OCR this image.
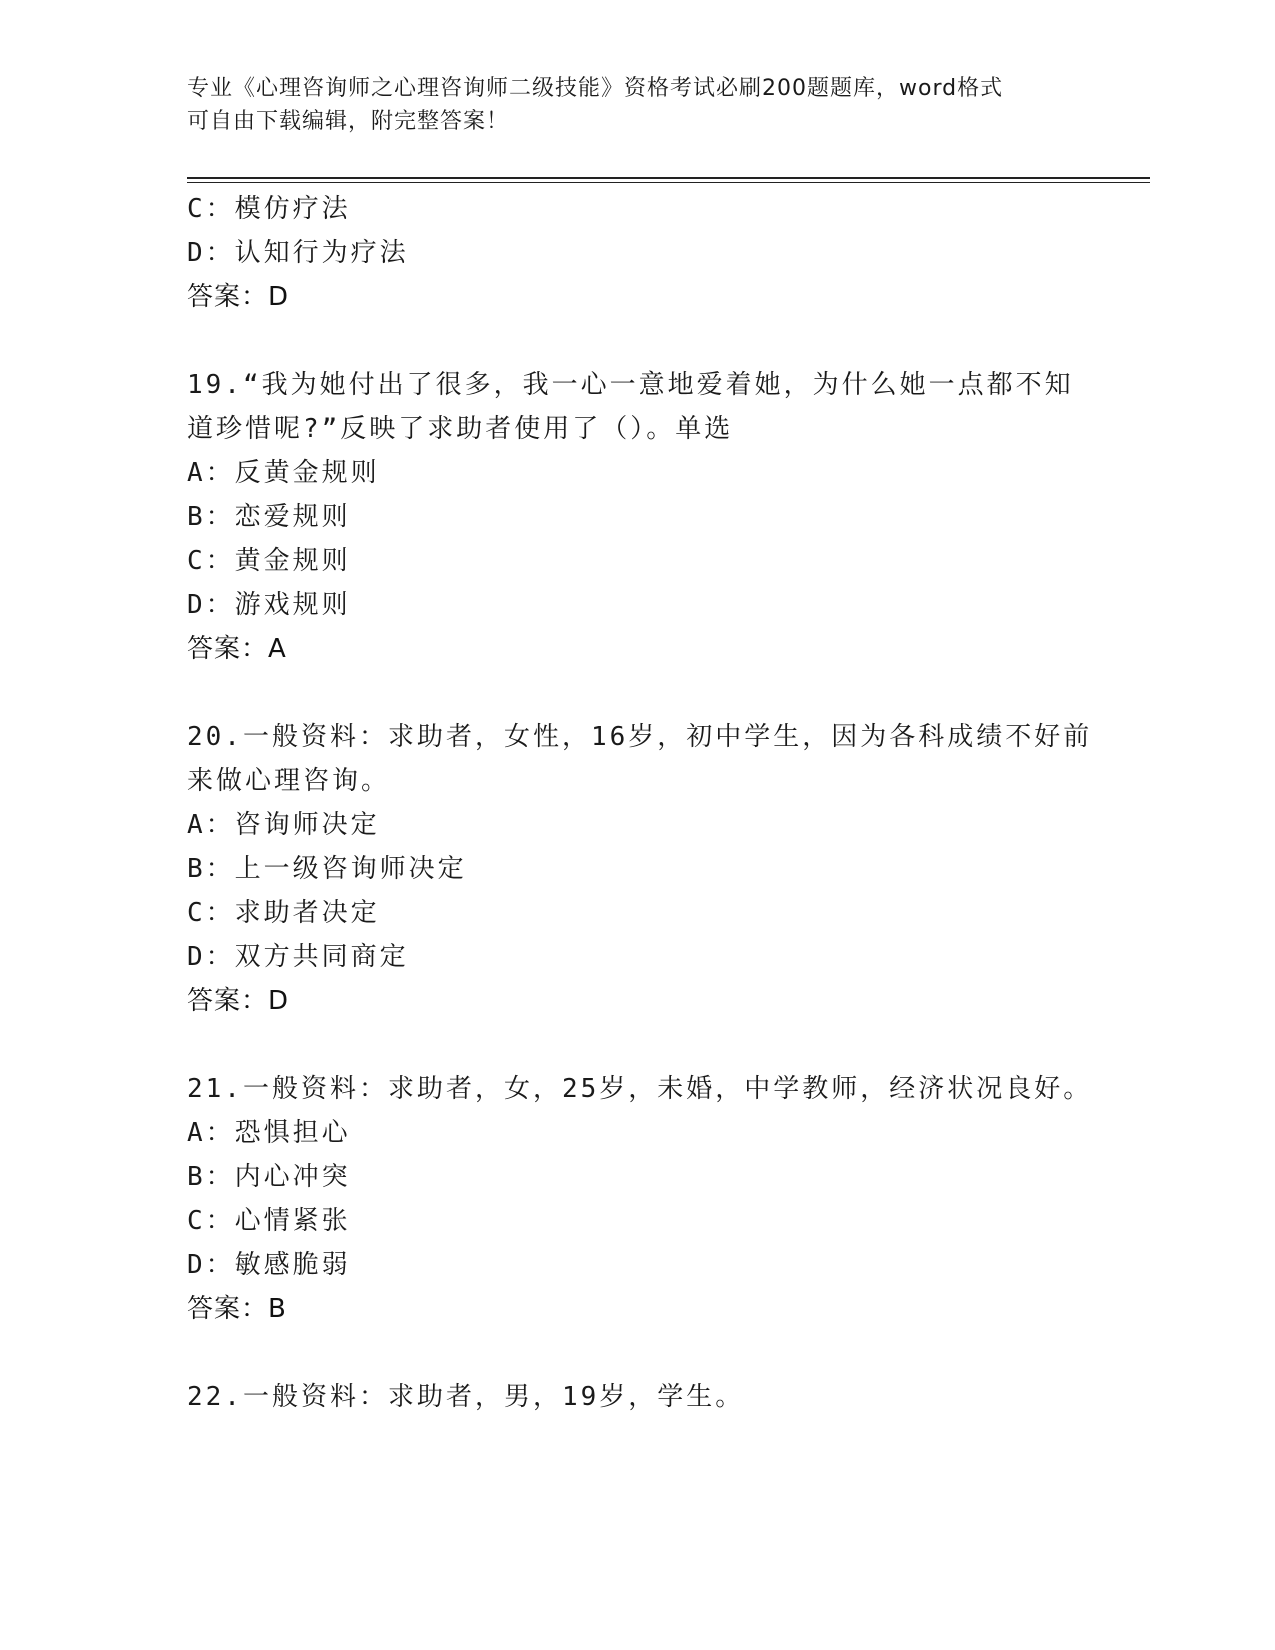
专业《心理咨询师之心理咨询师二级技能》资格考试必刷200题题库，word格式
可自由下载编辑，附完整答案！
C：模仿疗法
D：认知行为疗法
答案：D
19.“我为她付出了很多，我一心一意地爱着她，为什么她一点都不知
道珍惜呢?”反映了求助者使用了（）。单选
A：反黄金规则
B：恋爱规则
C：黄金规则
D：游戏规则
答案：A
20.一般资料：求助者，女性，16岁，初中学生，因为各科成绩不好前
来做心理咨询。
A：咨询师决定
B：上一级咨询师决定
C：求助者决定
D：双方共同商定
答案：D
21.一般资料：求助者，女，25岁，未婚，中学教师，经济状况良好。
A：恐惧担心
B：内心冲突
C：心情紧张
D：敏感脆弱
答案：B
22.一般资料：求助者，男，19岁，学生。
